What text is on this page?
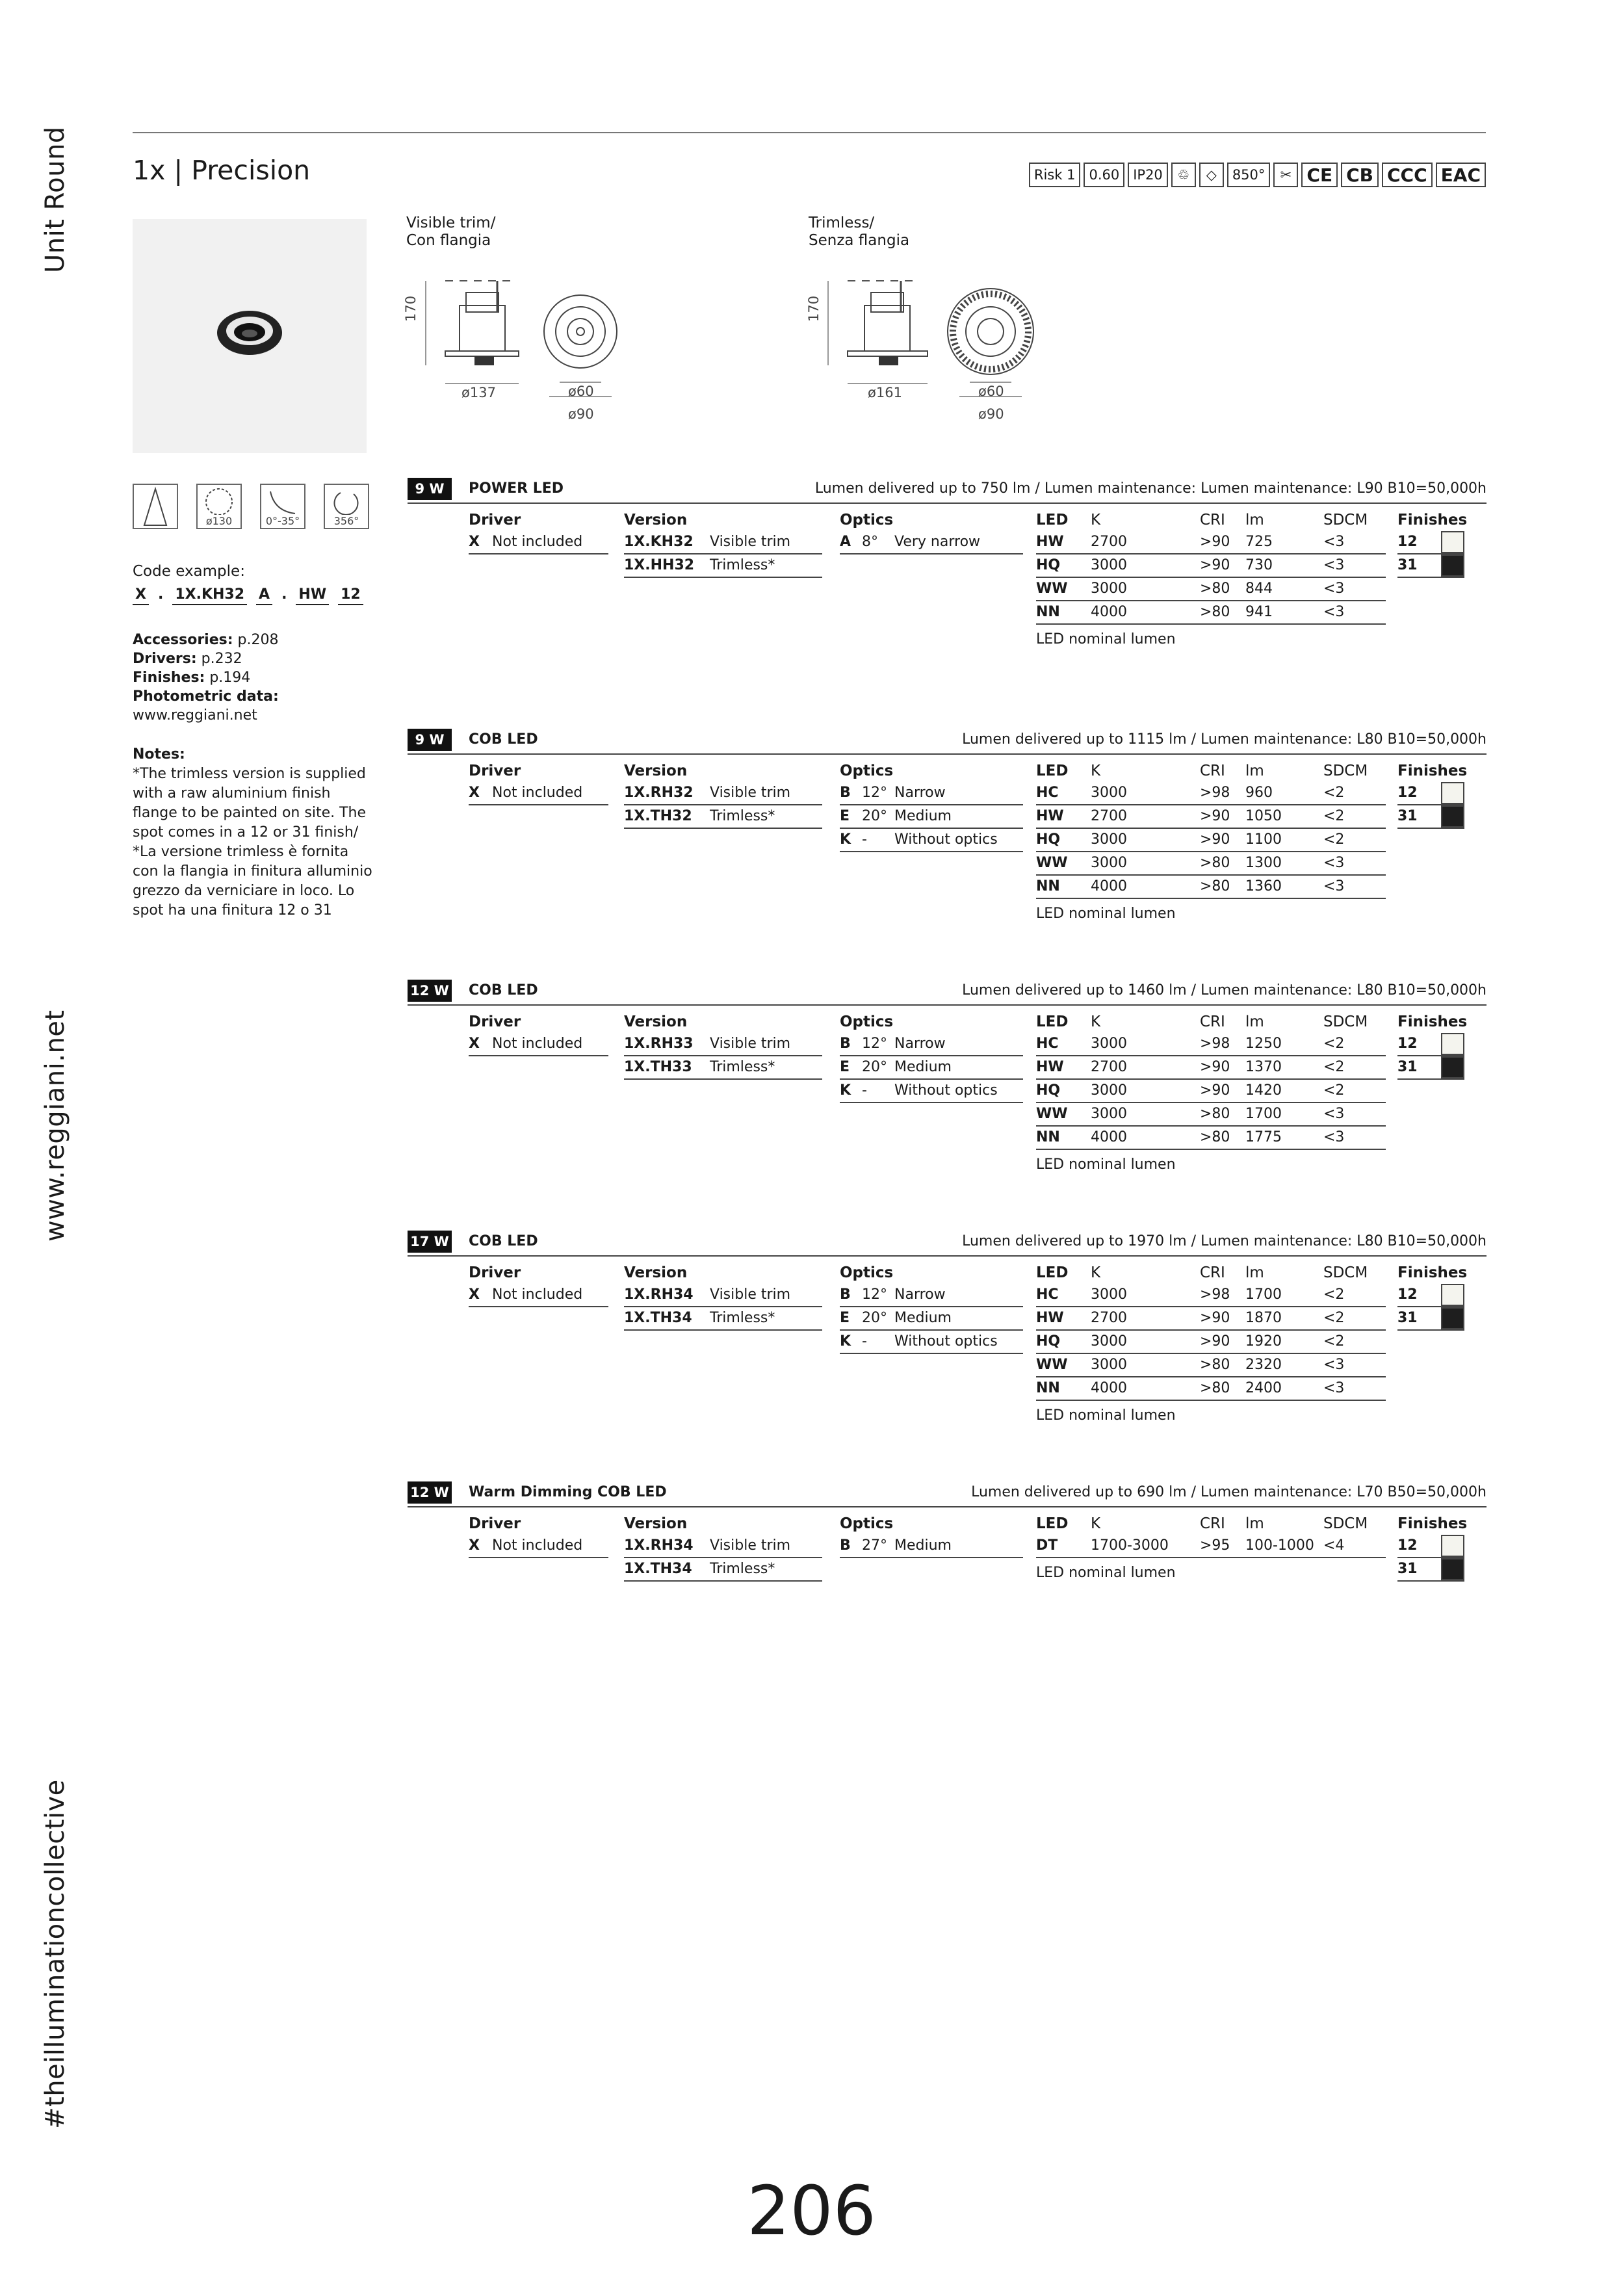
Unit Round
www.reggiani.net
#theilluminationcollective
1x | Precision	Risk 1	0.60	IP20	♲	◇	850°	✂ CE CB CCC EAC
Visible trim/
Con flangia
170
ø137	ø60
ø90
Trimless/
Senza flangia
170
ø161	ø60
ø90
ø130	0°-35°	356°
Code example:
X . 1X.KH32 A . HW 12
Accessories: p.208
Drivers: p.232
Finishes: p.194
Photometric data:
www.reggiani.net
Notes:
*The trimless version is supplied with a raw aluminium finish flange to be painted on site. The spot comes in a 12 or 31 finish/
*La versione trimless è fornita con la flangia in finitura alluminio grezzo da verniciare in loco. Lo spot ha una finitura 12 o 31
9 W	POWER LED	Lumen delivered up to 750 lm / Lumen maintenance: Lumen maintenance: L90 B10=50,000h
Driver
X Not included
Version
1X.KH32 Visible trim
1X.HH32 Trimless*
Optics
A 8° Very narrow
LED K	CRI lm	SDCM
HW 2700	>90 725	<3
HQ 3000	>90 730	<3
WW 3000	>80 844	<3
NN 4000	>80 941	<3
LED nominal lumen
Finishes
12
31
9 W	COB LED	Lumen delivered up to 1115 lm / Lumen maintenance: L80 B10=50,000h
Driver
X Not included
Version
1X.RH32 Visible trim
1X.TH32 Trimless*
Optics
B 12° Narrow
E 20° Medium
K - Without optics
LED K	CRI lm	SDCM
HC 3000	>98 960	<2
HW 2700	>90 1050	<2
HQ 3000	>90 1100	<2
WW 3000	>80 1300	<3
NN 4000	>80 1360	<3
LED nominal lumen
Finishes
12
31
12 W COB LED	Lumen delivered up to 1460 lm / Lumen maintenance: L80 B10=50,000h
Driver
X Not included
Version
1X.RH33 Visible trim
1X.TH33 Trimless*
Optics
B 12° Narrow
E 20° Medium
K - Without optics
LED K	CRI lm	SDCM
HC 3000	>98 1250	<2
HW 2700	>90 1370	<2
HQ 3000	>90 1420	<2
WW 3000	>80 1700	<3
NN 4000	>80 1775	<3
LED nominal lumen
Finishes
12
31
17 W COB LED	Lumen delivered up to 1970 lm / Lumen maintenance: L80 B10=50,000h
Driver
X Not included
Version
1X.RH34 Visible trim
1X.TH34 Trimless*
Optics
B 12° Narrow
E 20° Medium
K - Without optics
LED K	CRI lm	SDCM
HC 3000	>98 1700	<2
HW 2700	>90 1870	<2
HQ 3000	>90 1920	<2
WW 3000	>80 2320	<3
NN 4000	>80 2400	<3
LED nominal lumen
Finishes
12
31
12 W Warm Dimming COB LED	Lumen delivered up to 690 lm / Lumen maintenance: L70 B50=50,000h
Driver
X Not included
Version
1X.RH34 Visible trim
1X.TH34 Trimless*
Optics
B 27° Medium
LED K	CRI lm	SDCM
DT 1700-3000 >95 100-1000 <4
LED nominal lumen
Finishes
12
31
206
